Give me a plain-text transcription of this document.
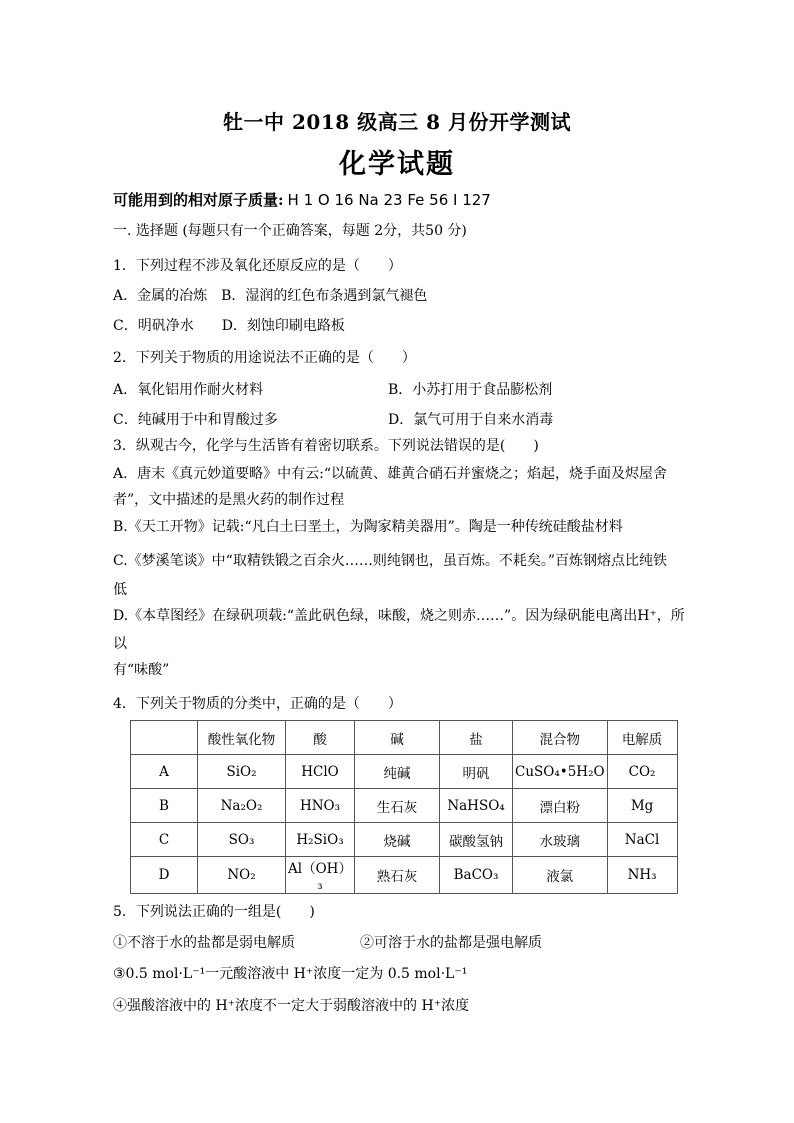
牡一中 2018 级高三 8 月份开学测试
化学试题
可能用到的相对原子质量: H 1 O 16 Na 23 Fe 56 I 127
一. 选择题 (每题只有一个正确答案，每题 2分，共50 分)
1．下列过程不涉及氧化还原反应的是（　　）
A．金属的冶炼　B．湿润的红色布条遇到氯气褪色
C．明矾净水　　D．刻蚀印刷电路板
2．下列关于物质的用途说法不正确的是（　　）
A．氧化铝用作耐火材料	B．小苏打用于食品膨松剂
C．纯碱用于中和胃酸过多	D．氯气可用于自来水消毒
3．纵观古今，化学与生活皆有着密切联系。下列说法错误的是(　　)
A．唐末《真元妙道要略》中有云:“以硫黄、雄黄合硝石并蜜烧之；焰起，烧手面及烬屋舍
者”，文中描述的是黑火药的制作过程
B.《天工开物》记载:“凡白土曰垩土，为陶家精美器用”。陶是一种传统硅酸盐材料
C.《梦溪笔谈》中“取精铁锻之百余火……则纯钢也，虽百炼。不耗矣。”百炼钢熔点比纯铁
低
D.《本草图经》在绿矾项载:“盖此矾色绿，味酸，烧之则赤……”。因为绿矾能电离出H⁺，所
以
有“味酸”
4．下列关于物质的分类中，正确的是（　　）
	酸性氧化物	酸	碱	盐	混合物	电解质
A	SiO₂	HClO	纯碱	明矾	CuSO₄•5H₂O	CO₂
B	Na₂O₂	HNO₃	生石灰	NaHSO₄	漂白粉	Mg
C	SO₃	H₂SiO₃	烧碱	碳酸氢钠	水玻璃	NaCl
D	NO₂	Al（OH）₃	熟石灰	BaCO₃	液氯	NH₃
5．下列说法正确的一组是(　　)
①不溶于水的盐都是弱电解质	②可溶于水的盐都是强电解质
③0.5 mol·L⁻¹一元酸溶液中 H⁺浓度一定为 0.5 mol·L⁻¹
④强酸溶液中的 H⁺浓度不一定大于弱酸溶液中的 H⁺浓度
